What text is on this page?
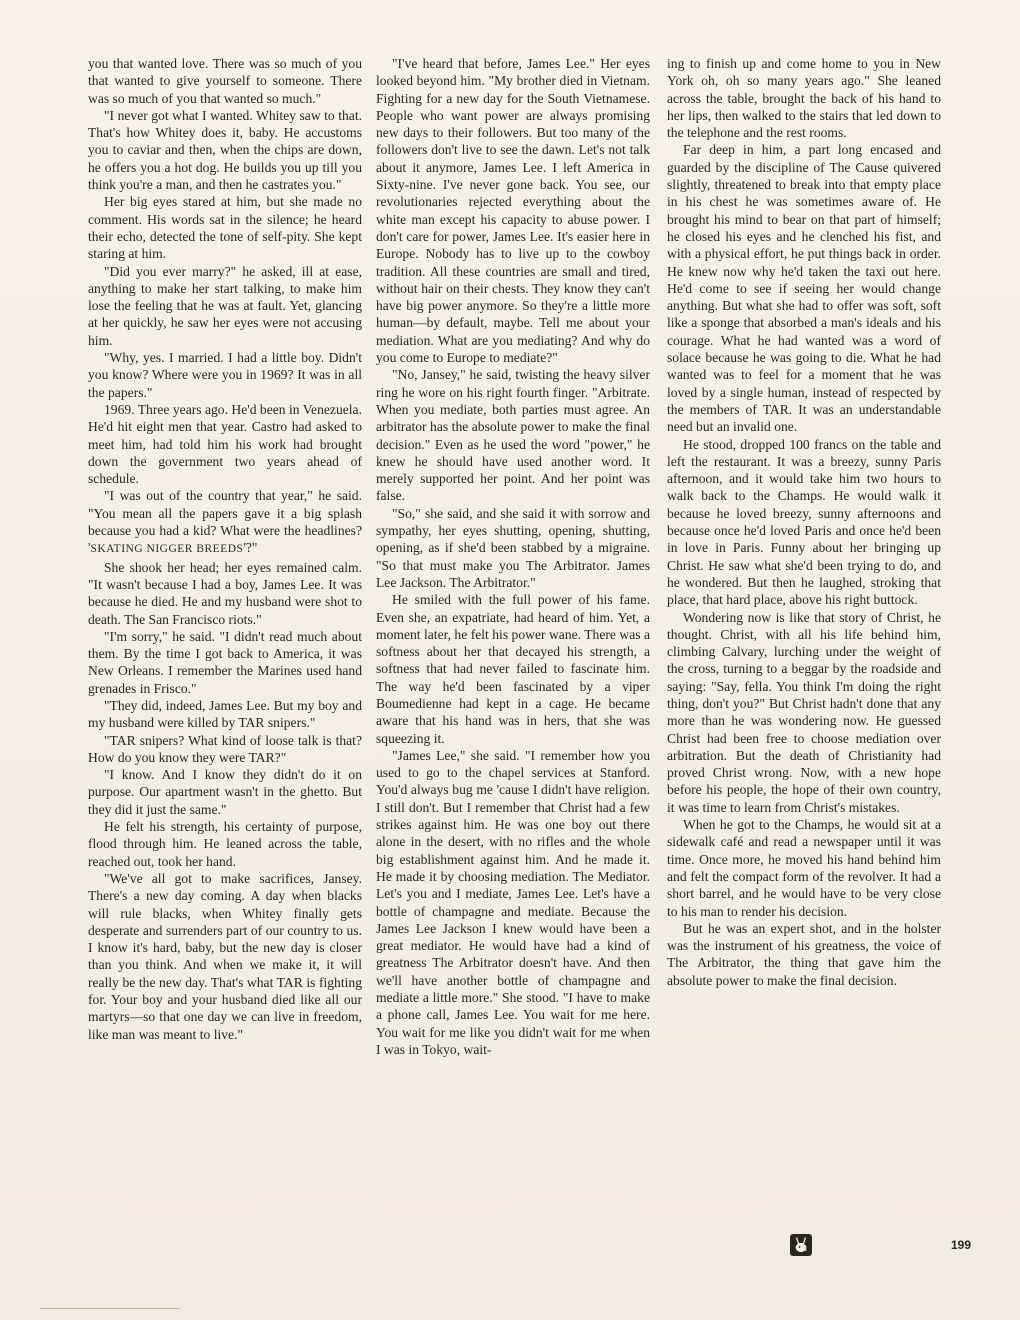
you that wanted love. There was so much of you that wanted to give yourself to someone. There was so much of you that wanted so much."

"I never got what I wanted. Whitey saw to that. That's how Whitey does it, baby. He accustoms you to caviar and then, when the chips are down, he offers you a hot dog. He builds you up till you think you're a man, and then he castrates you."

Her big eyes stared at him, but she made no comment. His words sat in the silence; he heard their echo, detected the tone of self-pity. She kept staring at him.

"Did you ever marry?" he asked, ill at ease, anything to make her start talking, to make him lose the feeling that he was at fault. Yet, glancing at her quickly, he saw her eyes were not accusing him.

"Why, yes. I married. I had a little boy. Didn't you know? Where were you in 1969? It was in all the papers."

1969. Three years ago. He'd been in Venezuela. He'd hit eight men that year. Castro had asked to meet him, had told him his work had brought down the government two years ahead of schedule.

"I was out of the country that year," he said. "You mean all the papers gave it a big splash because you had a kid? What were the headlines? 'SKATING NIGGER BREEDS'?"

She shook her head; her eyes remained calm. "It wasn't because I had a boy, James Lee. It was because he died. He and my husband were shot to death. The San Francisco riots."

"I'm sorry," he said. "I didn't read much about them. By the time I got back to America, it was New Orleans. I remember the Marines used hand grenades in Frisco."

"They did, indeed, James Lee. But my boy and my husband were killed by TAR snipers."

"TAR snipers? What kind of loose talk is that? How do you know they were TAR?"

"I know. And I know they didn't do it on purpose. Our apartment wasn't in the ghetto. But they did it just the same."

He felt his strength, his certainty of purpose, flood through him. He leaned across the table, reached out, took her hand.

"We've all got to make sacrifices, Jansey. There's a new day coming. A day when blacks will rule blacks, when Whitey finally gets desperate and surrenders part of our country to us. I know it's hard, baby, but the new day is closer than you think. And when we make it, it will really be the new day. That's what TAR is fighting for. Your boy and your husband died like all our martyrs—so that one day we can live in freedom, like man was meant to live."

"I've heard that before, James Lee." Her eyes looked beyond him. "My brother died in Vietnam. Fighting for a new day for the South Vietnamese. People who want power are always promising new days to their followers. But too many of the followers don't live to see the dawn. Let's not talk about it anymore, James Lee. I left America in Sixty-nine. I've never gone back. You see, our revolutionaries rejected everything about the white man except his capacity to abuse power. I don't care for power, James Lee. It's easier here in Europe. Nobody has to live up to the cowboy tradition. All these countries are small and tired, without hair on their chests. They know they can't have big power anymore. So they're a little more human—by default, maybe. Tell me about your mediation. What are you mediating? And why do you come to Europe to mediate?"

"No, Jansey," he said, twisting the heavy silver ring he wore on his right fourth finger. "Arbitrate. When you mediate, both parties must agree. An arbitrator has the absolute power to make the final decision." Even as he used the word "power," he knew he should have used another word. It merely supported her point. And her point was false.

"So," she said, and she said it with sorrow and sympathy, her eyes shutting, opening, shutting, opening, as if she'd been stabbed by a migraine. "So that must make you The Arbitrator. James Lee Jackson. The Arbitrator."

He smiled with the full power of his fame. Even she, an expatriate, had heard of him. Yet, a moment later, he felt his power wane. There was a softness about her that decayed his strength, a softness that had never failed to fascinate him. The way he'd been fascinated by a viper Boumedienne had kept in a cage. He became aware that his hand was in hers, that she was squeezing it.

"James Lee," she said. "I remember how you used to go to the chapel services at Stanford. You'd always bug me 'cause I didn't have religion. I still don't. But I remember that Christ had a few strikes against him. He was one boy out there alone in the desert, with no rifles and the whole big establishment against him. And he made it. He made it by choosing mediation. The Mediator. Let's you and I mediate, James Lee. Let's have a bottle of champagne and mediate. Because the James Lee Jackson I knew would have been a great mediator. He would have had a kind of greatness The Arbitrator doesn't have. And then we'll have another bottle of champagne and mediate a little more." She stood. "I have to make a phone call, James Lee. You wait for me here. You wait for me like you didn't wait for me when I was in Tokyo, wait-

ing to finish up and come home to you in New York oh, oh so many years ago." She leaned across the table, brought the back of his hand to her lips, then walked to the stairs that led down to the telephone and the rest rooms.

Far deep in him, a part long encased and guarded by the discipline of The Cause quivered slightly, threatened to break into that empty place in his chest he was sometimes aware of. He brought his mind to bear on that part of himself; he closed his eyes and he clenched his fist, and with a physical effort, he put things back in order. He knew now why he'd taken the taxi out here. He'd come to see if seeing her would change anything. But what she had to offer was soft, soft like a sponge that absorbed a man's ideals and his courage. What he had wanted was a word of solace because he was going to die. What he had wanted was to feel for a moment that he was loved by a single human, instead of respected by the members of TAR. It was an understandable need but an invalid one.

He stood, dropped 100 francs on the table and left the restaurant. It was a breezy, sunny Paris afternoon, and it would take him two hours to walk back to the Champs. He would walk it because he loved breezy, sunny afternoons and because once he'd loved Paris and once he'd been in love in Paris. Funny about her bringing up Christ. He saw what she'd been trying to do, and he wondered. But then he laughed, stroking that place, that hard place, above his right buttock.

Wondering now is like that story of Christ, he thought. Christ, with all his life behind him, climbing Calvary, lurching under the weight of the cross, turning to a beggar by the roadside and saying: "Say, fella. You think I'm doing the right thing, don't you?" But Christ hadn't done that any more than he was wondering now. He guessed Christ had been free to choose mediation over arbitration. But the death of Christianity had proved Christ wrong. Now, with a new hope before his people, the hope of their own country, it was time to learn from Christ's mistakes.

When he got to the Champs, he would sit at a sidewalk café and read a newspaper until it was time. Once more, he moved his hand behind him and felt the compact form of the revolver. It had a short barrel, and he would have to be very close to his man to render his decision.

But he was an expert shot, and in the holster was the instrument of his greatness, the voice of The Arbitrator, the thing that gave him the absolute power to make the final decision.

199
